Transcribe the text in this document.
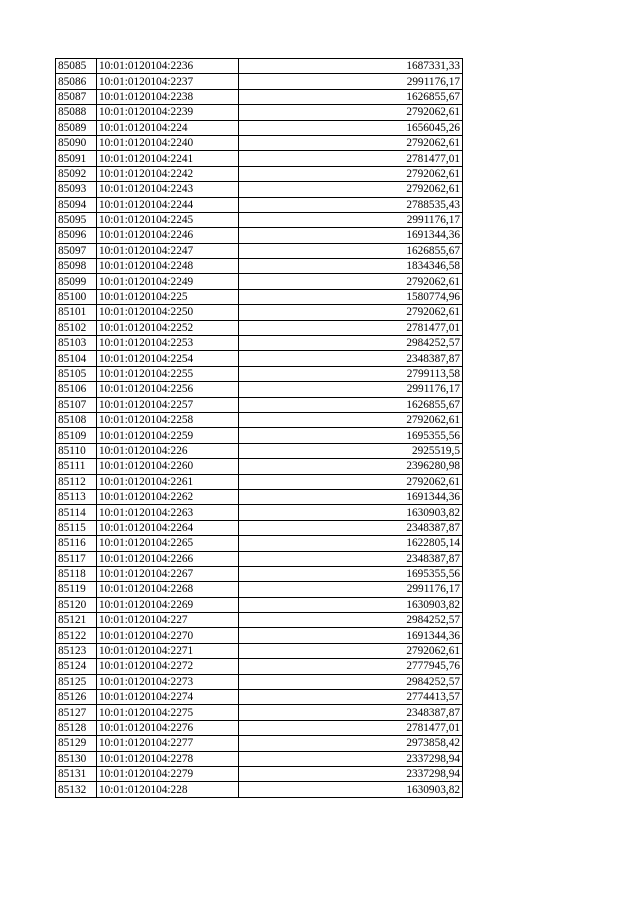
85085	10:01:0120104:2236	1687331,33
85086	10:01:0120104:2237	2991176,17
85087	10:01:0120104:2238	1626855,67
85088	10:01:0120104:2239	2792062,61
85089	10:01:0120104:224	1656045,26
85090	10:01:0120104:2240	2792062,61
85091	10:01:0120104:2241	2781477,01
85092	10:01:0120104:2242	2792062,61
85093	10:01:0120104:2243	2792062,61
85094	10:01:0120104:2244	2788535,43
85095	10:01:0120104:2245	2991176,17
85096	10:01:0120104:2246	1691344,36
85097	10:01:0120104:2247	1626855,67
85098	10:01:0120104:2248	1834346,58
85099	10:01:0120104:2249	2792062,61
85100	10:01:0120104:225	1580774,96
85101	10:01:0120104:2250	2792062,61
85102	10:01:0120104:2252	2781477,01
85103	10:01:0120104:2253	2984252,57
85104	10:01:0120104:2254	2348387,87
85105	10:01:0120104:2255	2799113,58
85106	10:01:0120104:2256	2991176,17
85107	10:01:0120104:2257	1626855,67
85108	10:01:0120104:2258	2792062,61
85109	10:01:0120104:2259	1695355,56
85110	10:01:0120104:226	2925519,5
85111	10:01:0120104:2260	2396280,98
85112	10:01:0120104:2261	2792062,61
85113	10:01:0120104:2262	1691344,36
85114	10:01:0120104:2263	1630903,82
85115	10:01:0120104:2264	2348387,87
85116	10:01:0120104:2265	1622805,14
85117	10:01:0120104:2266	2348387,87
85118	10:01:0120104:2267	1695355,56
85119	10:01:0120104:2268	2991176,17
85120	10:01:0120104:2269	1630903,82
85121	10:01:0120104:227	2984252,57
85122	10:01:0120104:2270	1691344,36
85123	10:01:0120104:2271	2792062,61
85124	10:01:0120104:2272	2777945,76
85125	10:01:0120104:2273	2984252,57
85126	10:01:0120104:2274	2774413,57
85127	10:01:0120104:2275	2348387,87
85128	10:01:0120104:2276	2781477,01
85129	10:01:0120104:2277	2973858,42
85130	10:01:0120104:2278	2337298,94
85131	10:01:0120104:2279	2337298,94
85132	10:01:0120104:228	1630903,82
